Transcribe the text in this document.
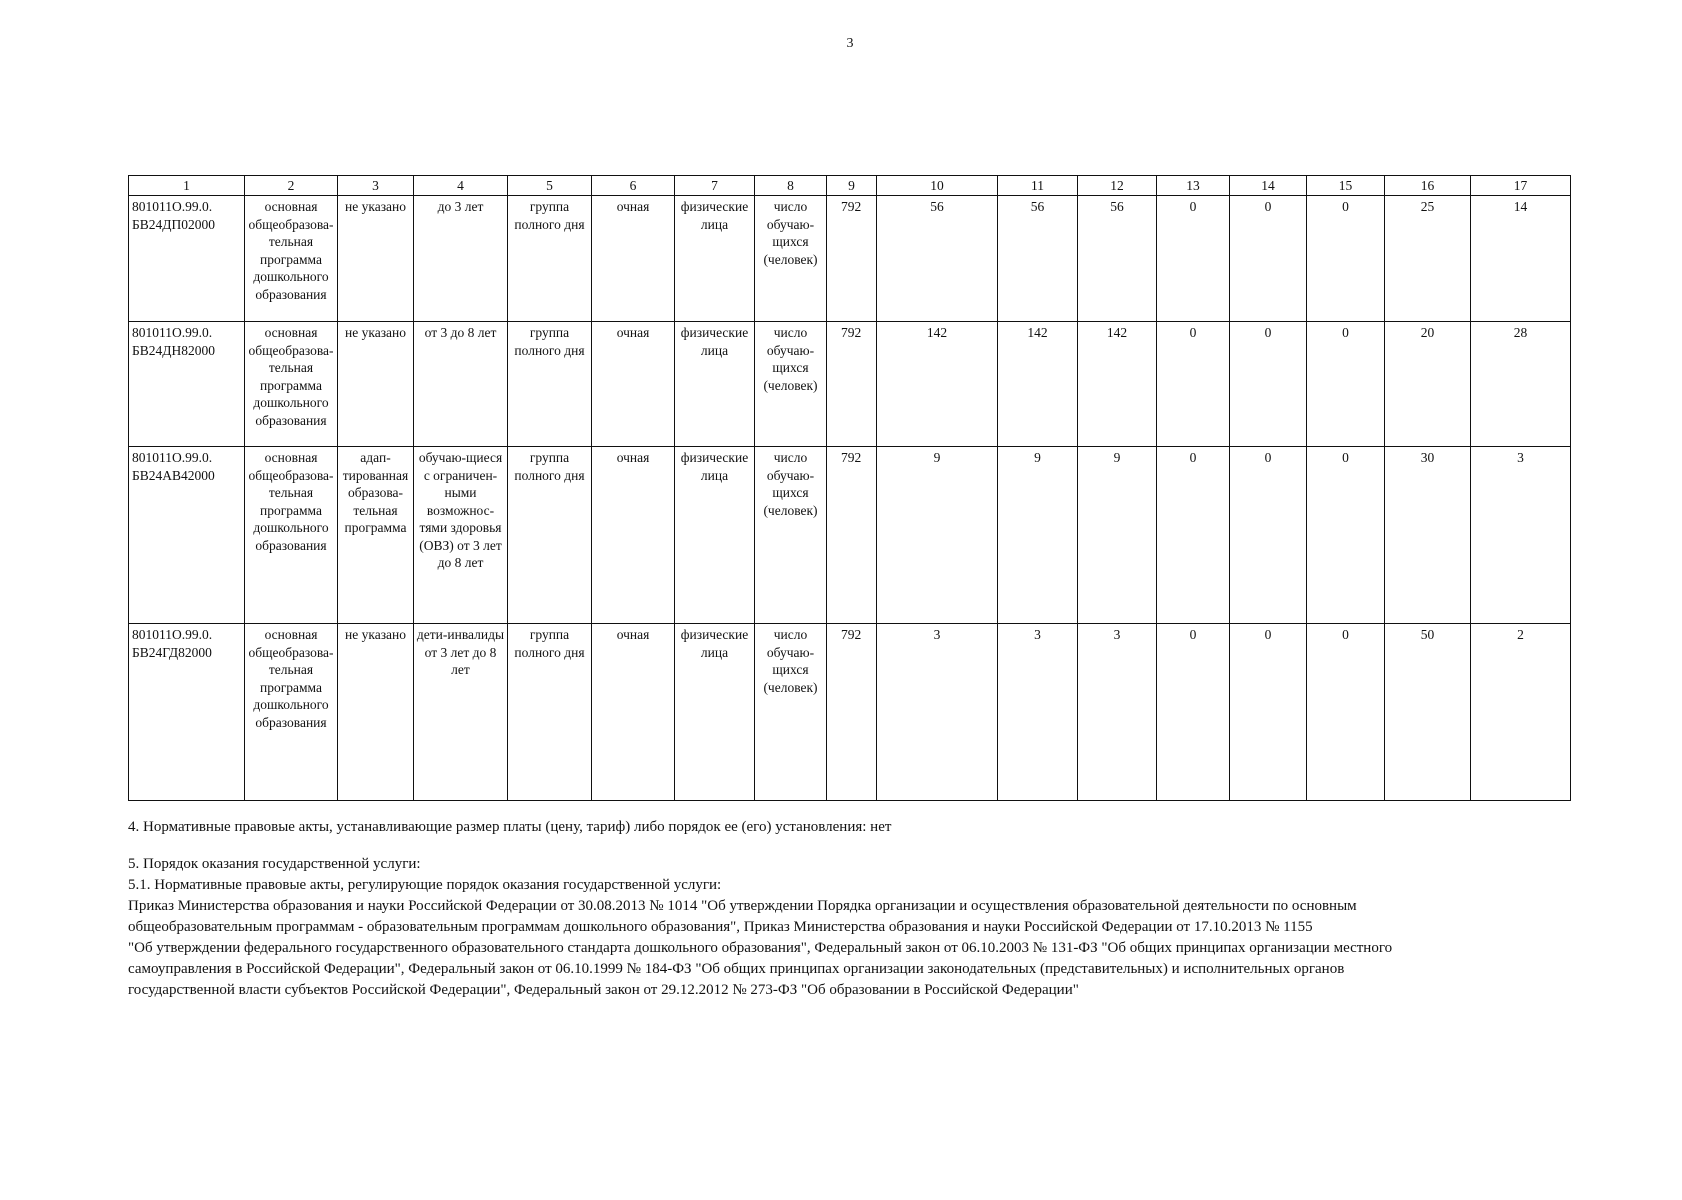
3
1	2	3	4	5	6	7	8	9	10	11	12	13	14	15	16	17
801011О.99.0. БВ24ДП02000	основная общеобразова-тельная программа дошкольного образования	не указано	до 3 лет	группа полного дня	очная	физические лица	число обучаю-щихся (человек)	792	56	56	56	0	0	0	25	14
801011О.99.0. БВ24ДН82000	основная общеобразова-тельная программа дошкольного образования	не указано	от 3 до 8 лет	группа полного дня	очная	физические лица	число обучаю-щихся (человек)	792	142	142	142	0	0	0	20	28
801011О.99.0. БВ24АВ42000	основная общеобразова-тельная программа дошкольного образования	адап-тированная образова-тельная программа	обучаю-щиеся с ограничен-ными возможнос-тями здоровья (ОВЗ) от 3 лет до 8 лет	группа полного дня	очная	физические лица	число обучаю-щихся (человек)	792	9	9	9	0	0	0	30	3
801011О.99.0. БВ24ГД82000	основная общеобразова-тельная программа дошкольного образования	не указано	дети-инвалиды от 3 лет до 8 лет	группа полного дня	очная	физические лица	число обучаю-щихся (человек)	792	3	3	3	0	0	0	50	2

4. Нормативные правовые акты, устанавливающие размер платы (цену, тариф) либо порядок ее (его) установления: нет

5. Порядок оказания государственной услуги:

5.1. Нормативные правовые акты, регулирующие порядок оказания государственной услуги:

Приказ Министерства образования и науки Российской Федерации от 30.08.2013 № 1014 "Об утверждении Порядка организации и осуществления образовательной деятельности по основным

общеобразовательным программам - образовательным программам дошкольного образования", Приказ Министерства образования и науки Российской Федерации от 17.10.2013 № 1155

"Об утверждении федерального государственного образовательного стандарта дошкольного образования", Федеральный закон от 06.10.2003 № 131-ФЗ "Об общих принципах организации местного

самоуправления в Российской Федерации", Федеральный закон от 06.10.1999 № 184-ФЗ "Об общих принципах организации законодательных (представительных) и исполнительных органов

государственной власти субъектов Российской Федерации", Федеральный закон от 29.12.2012 № 273-ФЗ "Об образовании в Российской Федерации"
